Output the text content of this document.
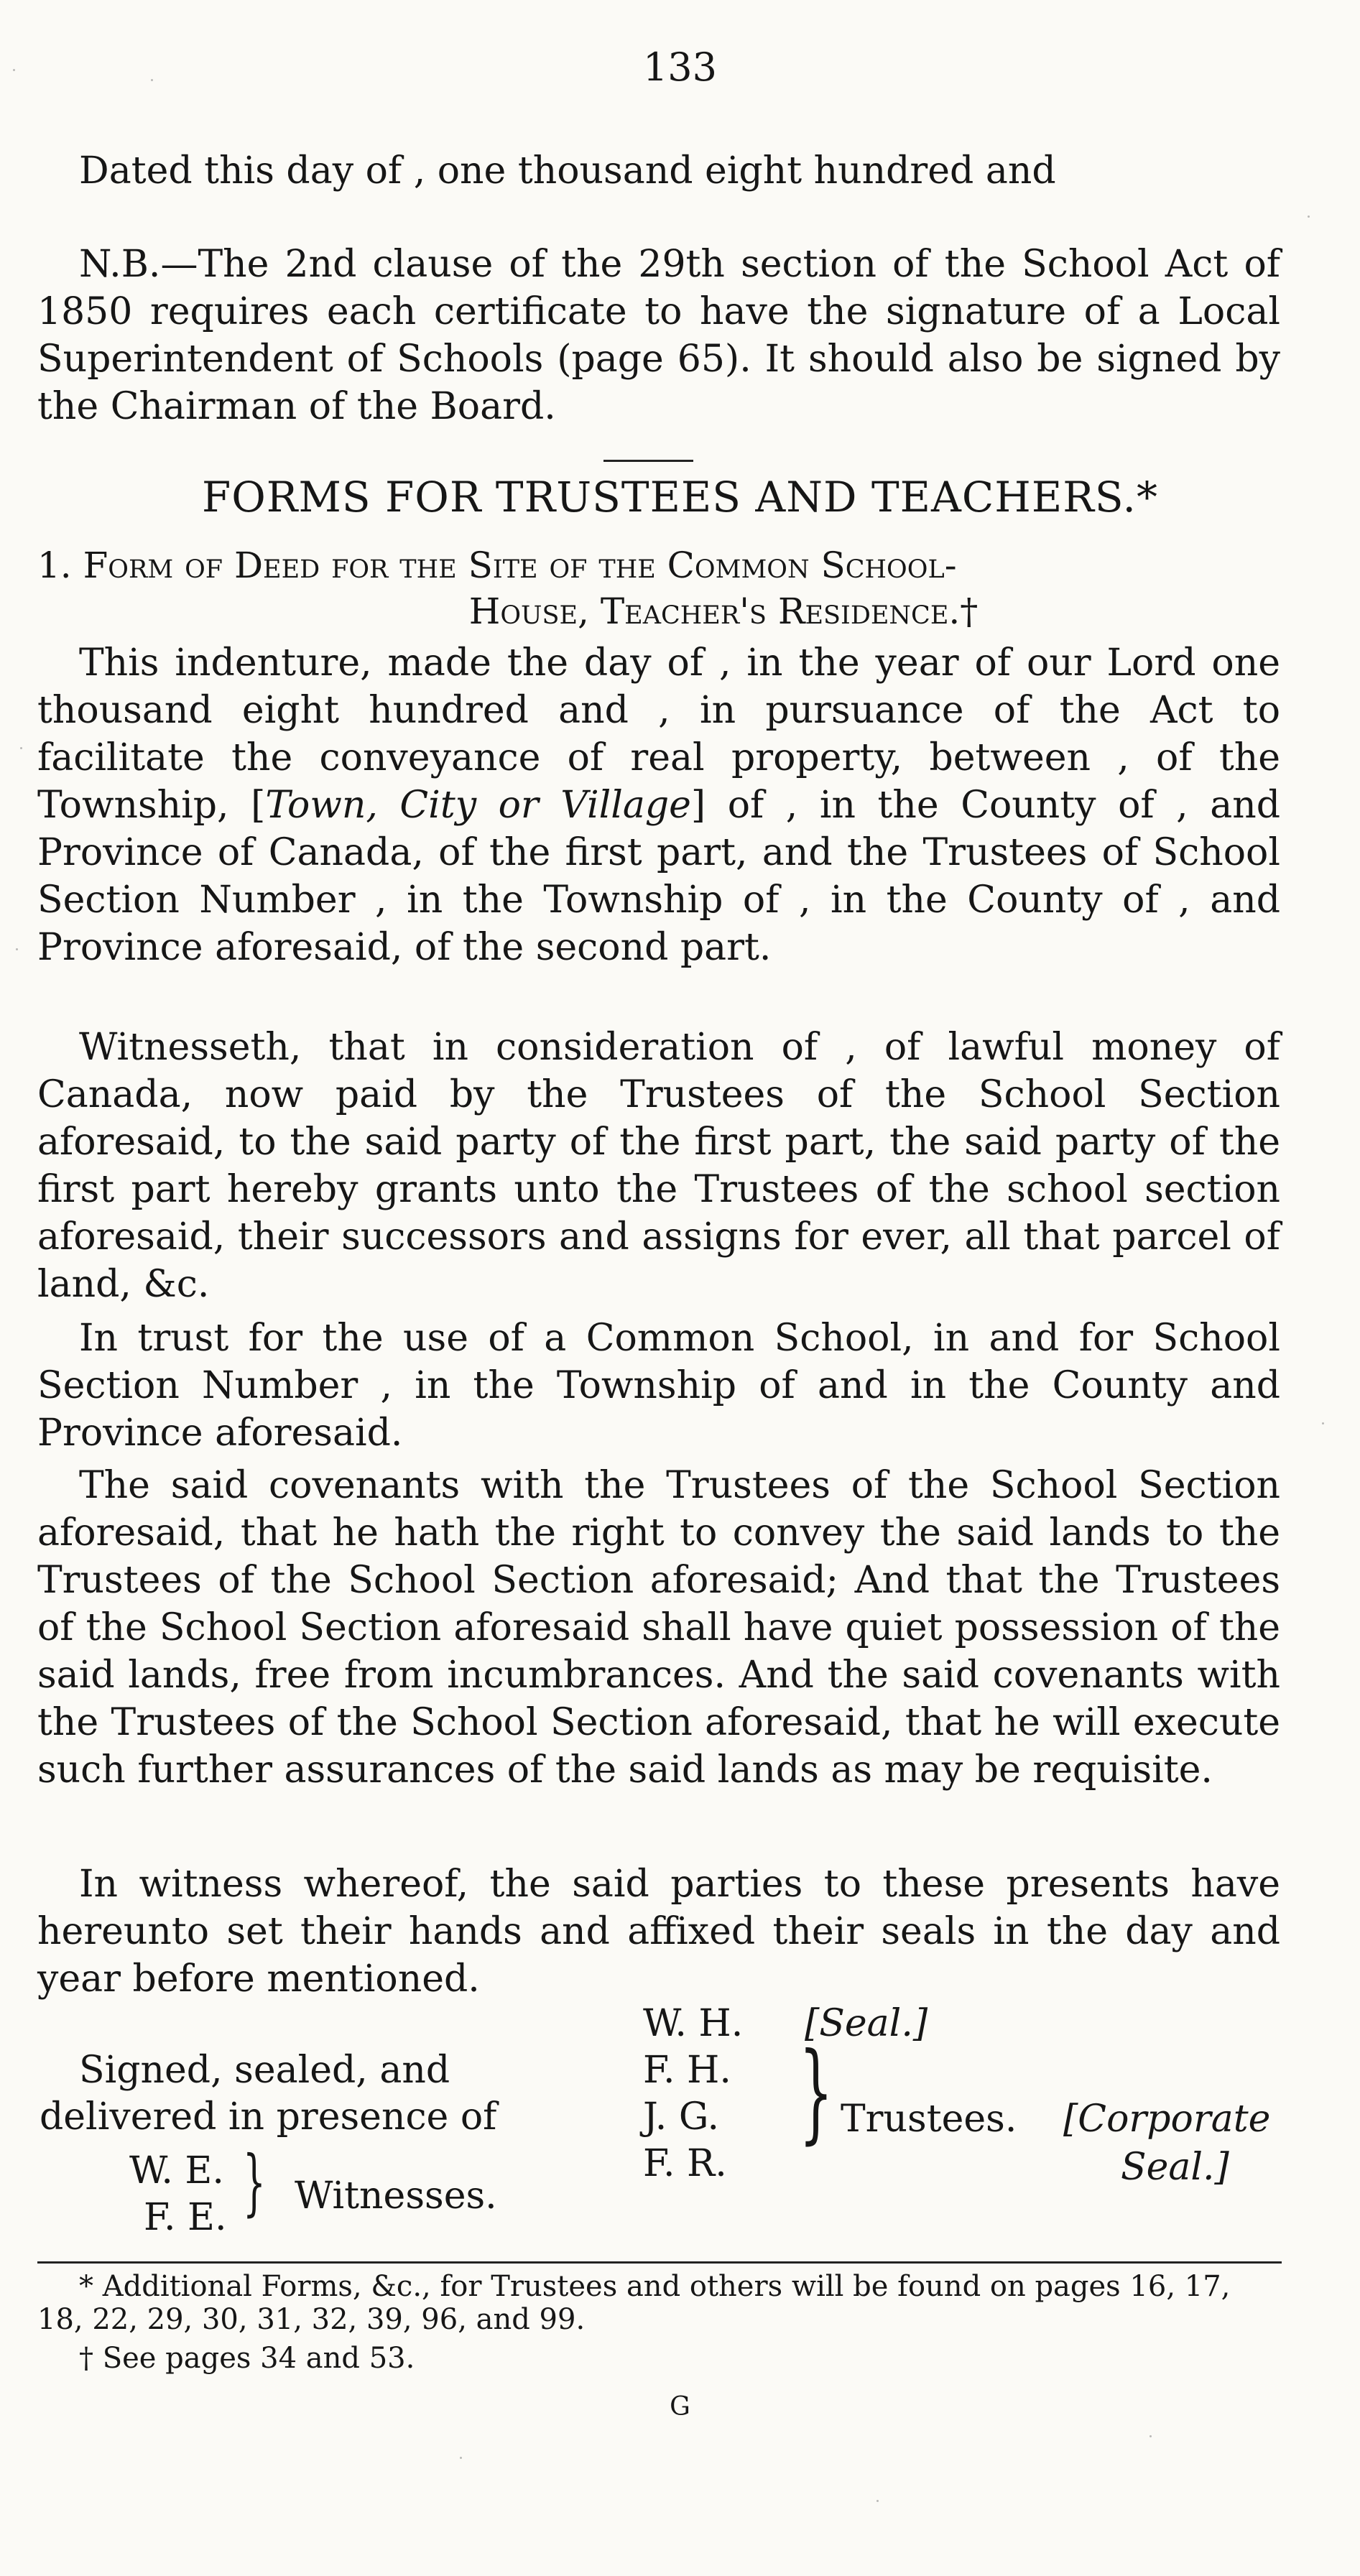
133

Dated this day of , one thousand eight hundred and

N.B.—The 2nd clause of the 29th section of the School Act of 1850 requires each certificate to have the signature of a Local Superintendent of Schools (page 65). It should also be signed by the Chairman of the Board.

FORMS FOR TRUSTEES AND TEACHERS.*
1. Form of Deed for the Site of the Common School-
House, Teacher's Residence.†

This indenture, made the day of , in the year of our Lord one thousand eight hundred and , in pursuance of the Act to facilitate the conveyance of real property, between , of the Township, [Town, City or Village] of , in the County of , and Province of Canada, of the first part, and the Trustees of School Section Number , in the Township of , in the County of , and Province aforesaid, of the second part.

Witnesseth, that in consideration of , of lawful money of Canada, now paid by the Trustees of the School Section aforesaid, to the said party of the first part, the said party of the first part hereby grants unto the Trustees of the school section aforesaid, their successors and assigns for ever, all that parcel of land, &c.

In trust for the use of a Common School, in and for School Section Number , in the Township of and in the County and Province aforesaid.

The said covenants with the Trustees of the School Section aforesaid, that he hath the right to convey the said lands to the Trustees of the School Section aforesaid; And that the Trustees of the School Section aforesaid shall have quiet possession of the said lands, free from incumbrances. And the said covenants with the Trustees of the School Section aforesaid, that he will execute such further assurances of the said lands as may be requisite.

In witness whereof, the said parties to these presents have hereunto set their hands and affixed their seals in the day and year before mentioned.

Signed, sealed, and
delivered in presence of
W. E.
F. E. } Witnesses.
W. H. [Seal.]
F. H.
J. G.
F. R.
} Trustees. [Corporate
Seal.]

* Additional Forms, &c., for Trustees and others will be found on pages 16, 17, 18, 22, 29, 30, 31, 32, 39, 96, and 99.

† See pages 34 and 53.

G
